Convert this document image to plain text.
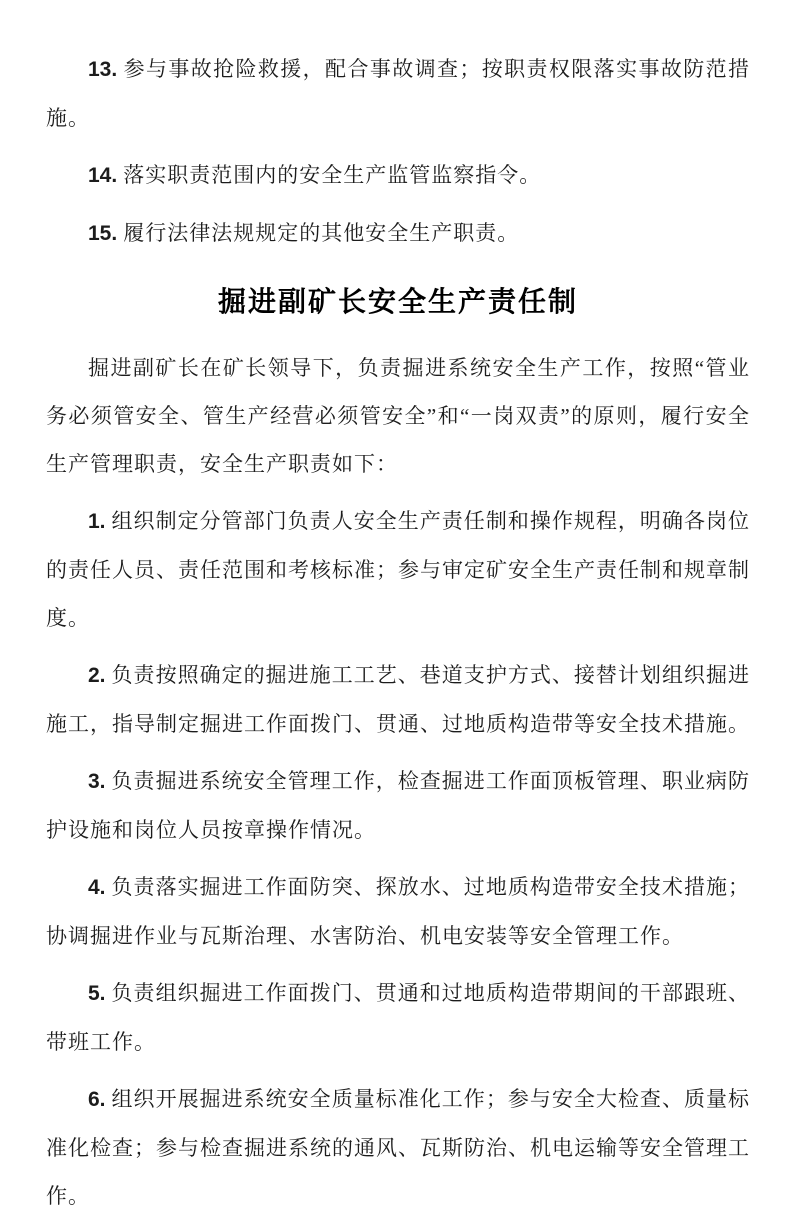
13. 参与事故抢险救援，配合事故调查；按职责权限落实事故防范措施。

14. 落实职责范围内的安全生产监管监察指令。

15. 履行法律法规规定的其他安全生产职责。

掘进副矿长安全生产责任制

掘进副矿长在矿长领导下，负责掘进系统安全生产工作，按照“管业务必须管安全、管生产经营必须管安全”和“一岗双责”的原则，履行安全生产管理职责，安全生产职责如下：

1. 组织制定分管部门负责人安全生产责任制和操作规程，明确各岗位的责任人员、责任范围和考核标准；参与审定矿安全生产责任制和规章制度。

2. 负责按照确定的掘进施工工艺、巷道支护方式、接替计划组织掘进施工，指导制定掘进工作面拨门、贯通、过地质构造带等安全技术措施。

3. 负责掘进系统安全管理工作，检查掘进工作面顶板管理、职业病防护设施和岗位人员按章操作情况。

4. 负责落实掘进工作面防突、探放水、过地质构造带安全技术措施；协调掘进作业与瓦斯治理、水害防治、机电安装等安全管理工作。

5. 负责组织掘进工作面拨门、贯通和过地质构造带期间的干部跟班、带班工作。

6. 组织开展掘进系统安全质量标准化工作；参与安全大检查、质量标准化检查；参与检查掘进系统的通风、瓦斯防治、机电运输等安全管理工作。
